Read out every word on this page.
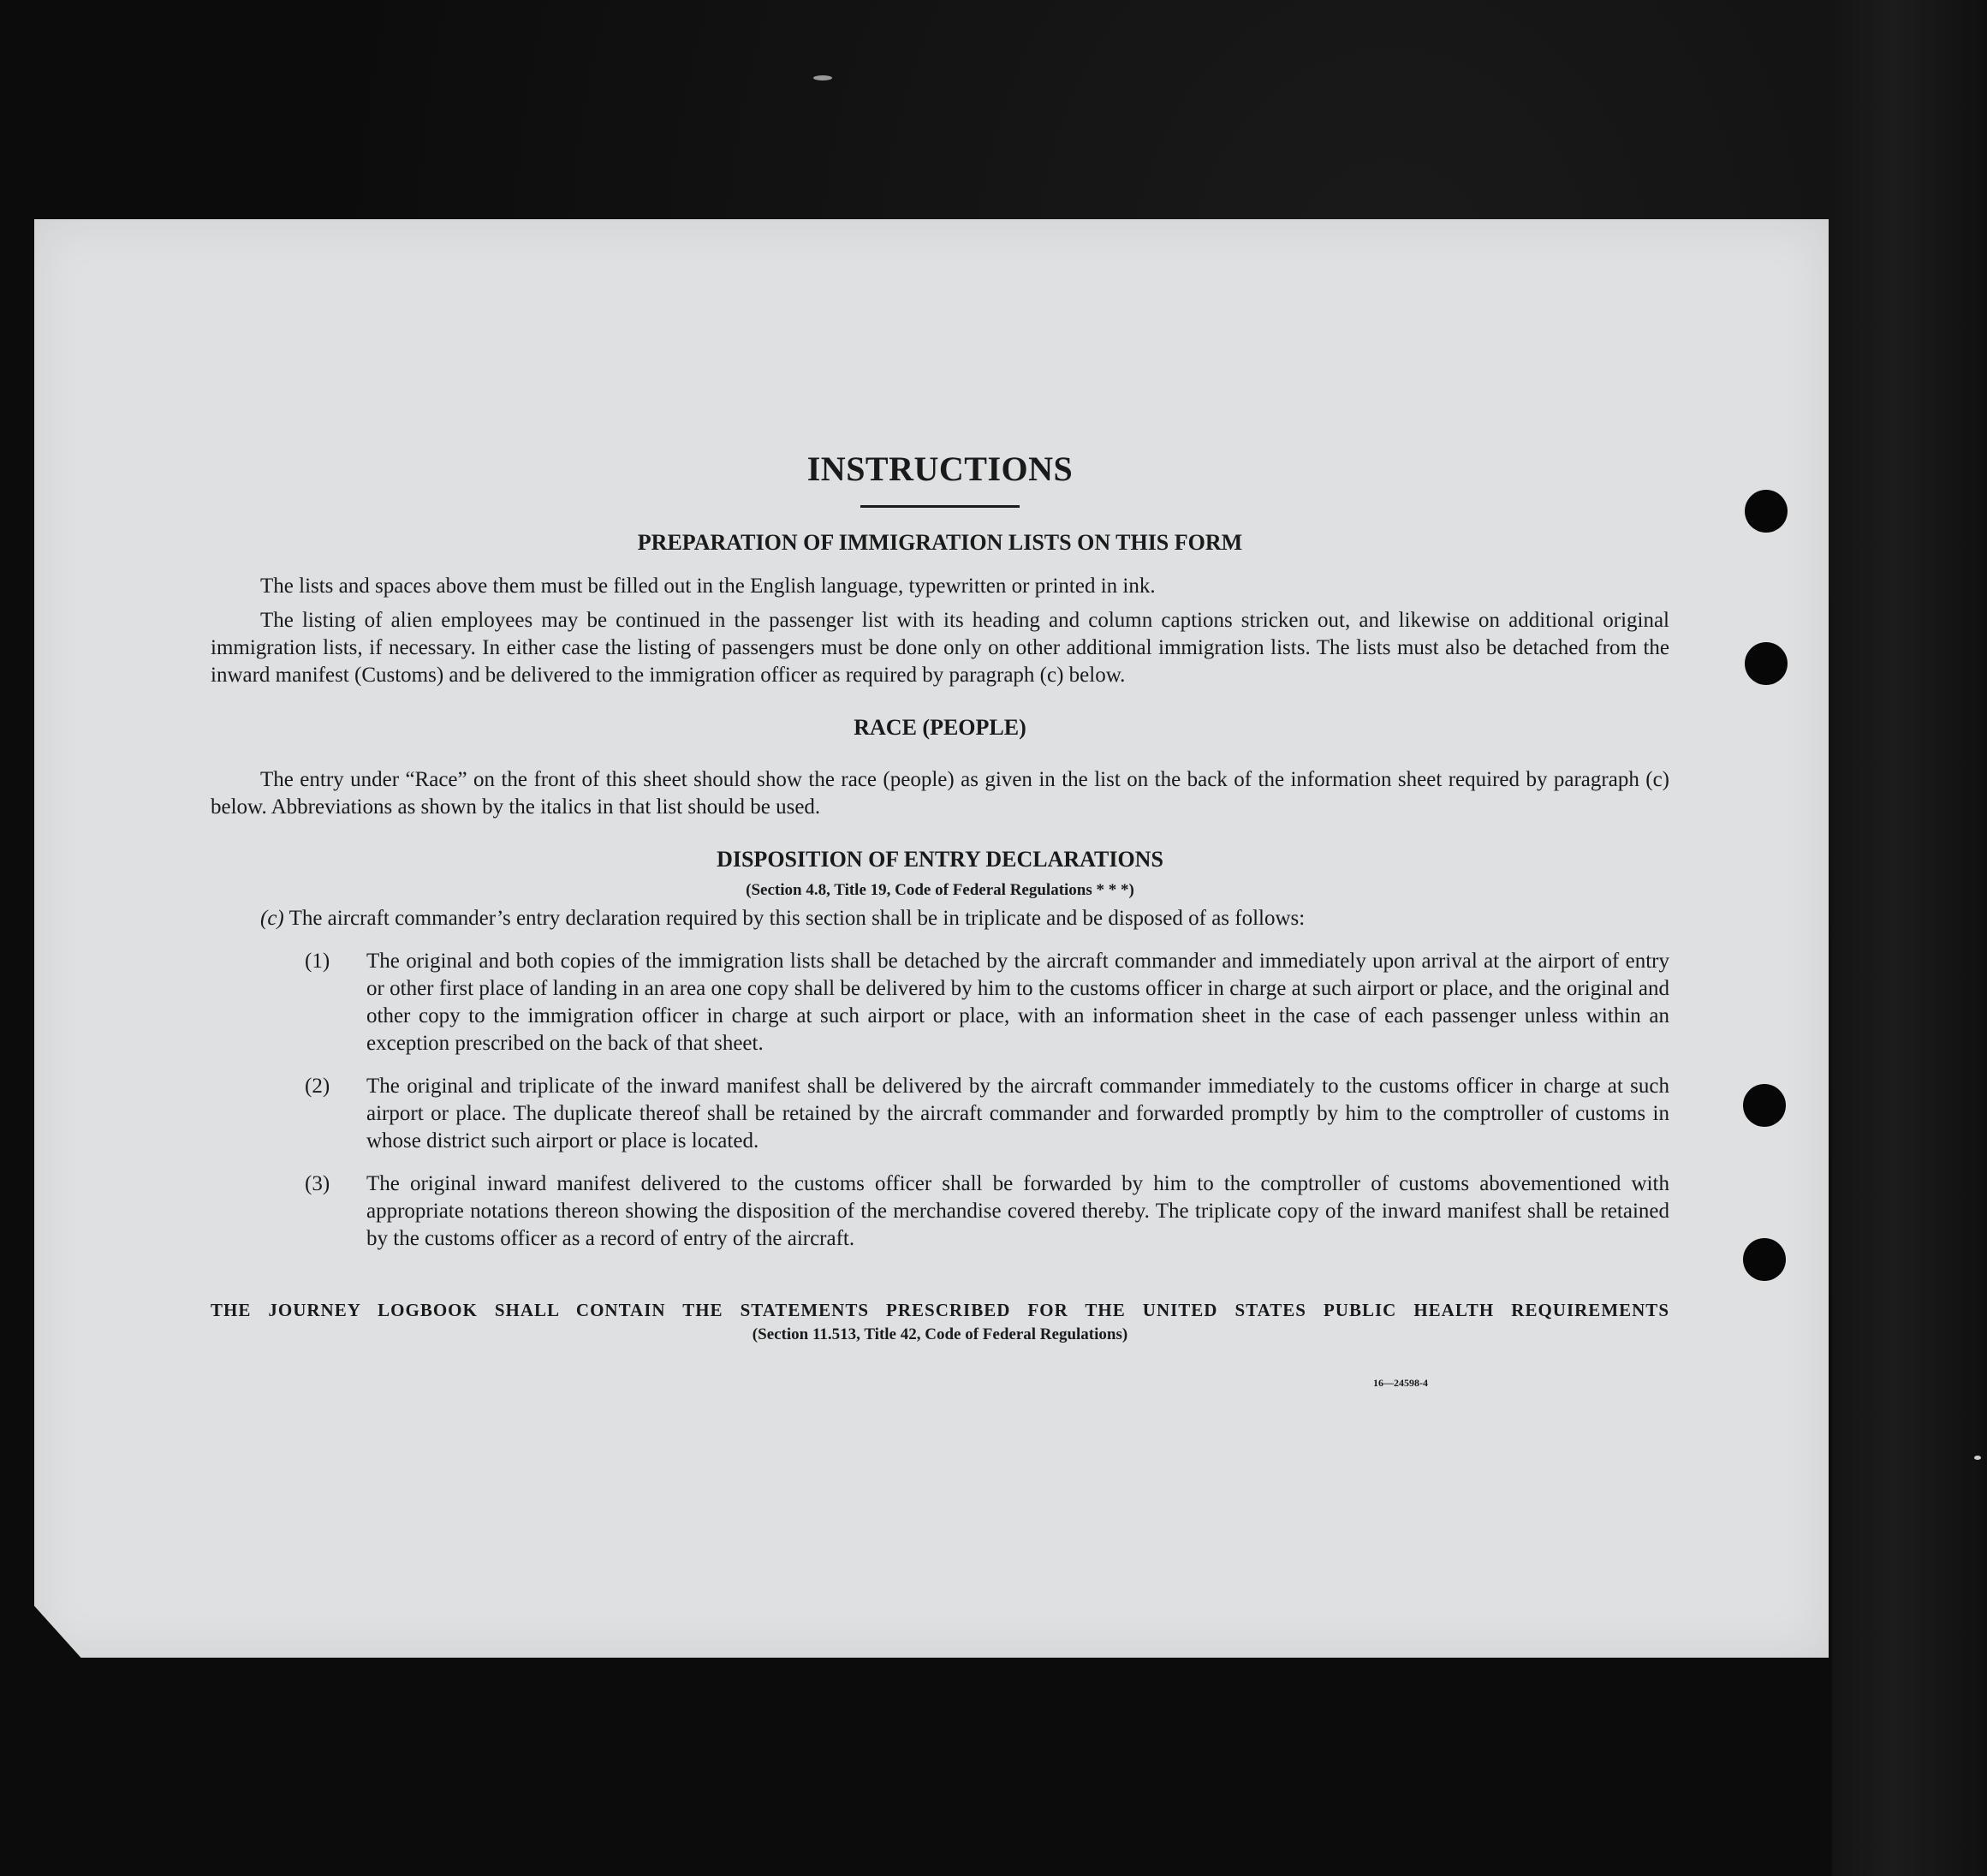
INSTRUCTIONS
PREPARATION OF IMMIGRATION LISTS ON THIS FORM

The lists and spaces above them must be filled out in the English language, typewritten or printed in ink.

The listing of alien employees may be continued in the passenger list with its heading and column captions stricken out, and likewise on additional original immigration lists, if necessary. In either case the listing of passengers must be done only on other additional immigration lists. The lists must also be detached from the inward manifest (Customs) and be delivered to the immigration officer as required by paragraph (c) below.

RACE (PEOPLE)

The entry under “Race” on the front of this sheet should show the race (people) as given in the list on the back of the information sheet required by paragraph (c) below. Abbreviations as shown by the italics in that list should be used.

DISPOSITION OF ENTRY DECLARATIONS

(Section 4.8, Title 19, Code of Federal Regulations * * *)

(c) The aircraft commander’s entry declaration required by this section shall be in triplicate and be disposed of as follows:

(1) The original and both copies of the immigration lists shall be detached by the aircraft commander and immediately upon arrival at the airport of entry or other first place of landing in an area one copy shall be delivered by him to the customs officer in charge at such airport or place, and the original and other copy to the immigration officer in charge at such airport or place, with an information sheet in the case of each passenger unless within an exception prescribed on the back of that sheet.

(2) The original and triplicate of the inward manifest shall be delivered by the aircraft commander immediately to the customs officer in charge at such airport or place. The duplicate thereof shall be retained by the aircraft commander and forwarded promptly by him to the comptroller of customs in whose district such airport or place is located.

(3) The original inward manifest delivered to the customs officer shall be forwarded by him to the comptroller of customs abovementioned with appropriate notations thereon showing the disposition of the merchandise covered thereby. The triplicate copy of the inward manifest shall be retained by the customs officer as a record of entry of the aircraft.

THE JOURNEY LOGBOOK SHALL CONTAIN THE STATEMENTS PRESCRIBED FOR THE UNITED STATES PUBLIC HEALTH REQUIREMENTS

(Section 11.513, Title 42, Code of Federal Regulations)

16—24598-4
